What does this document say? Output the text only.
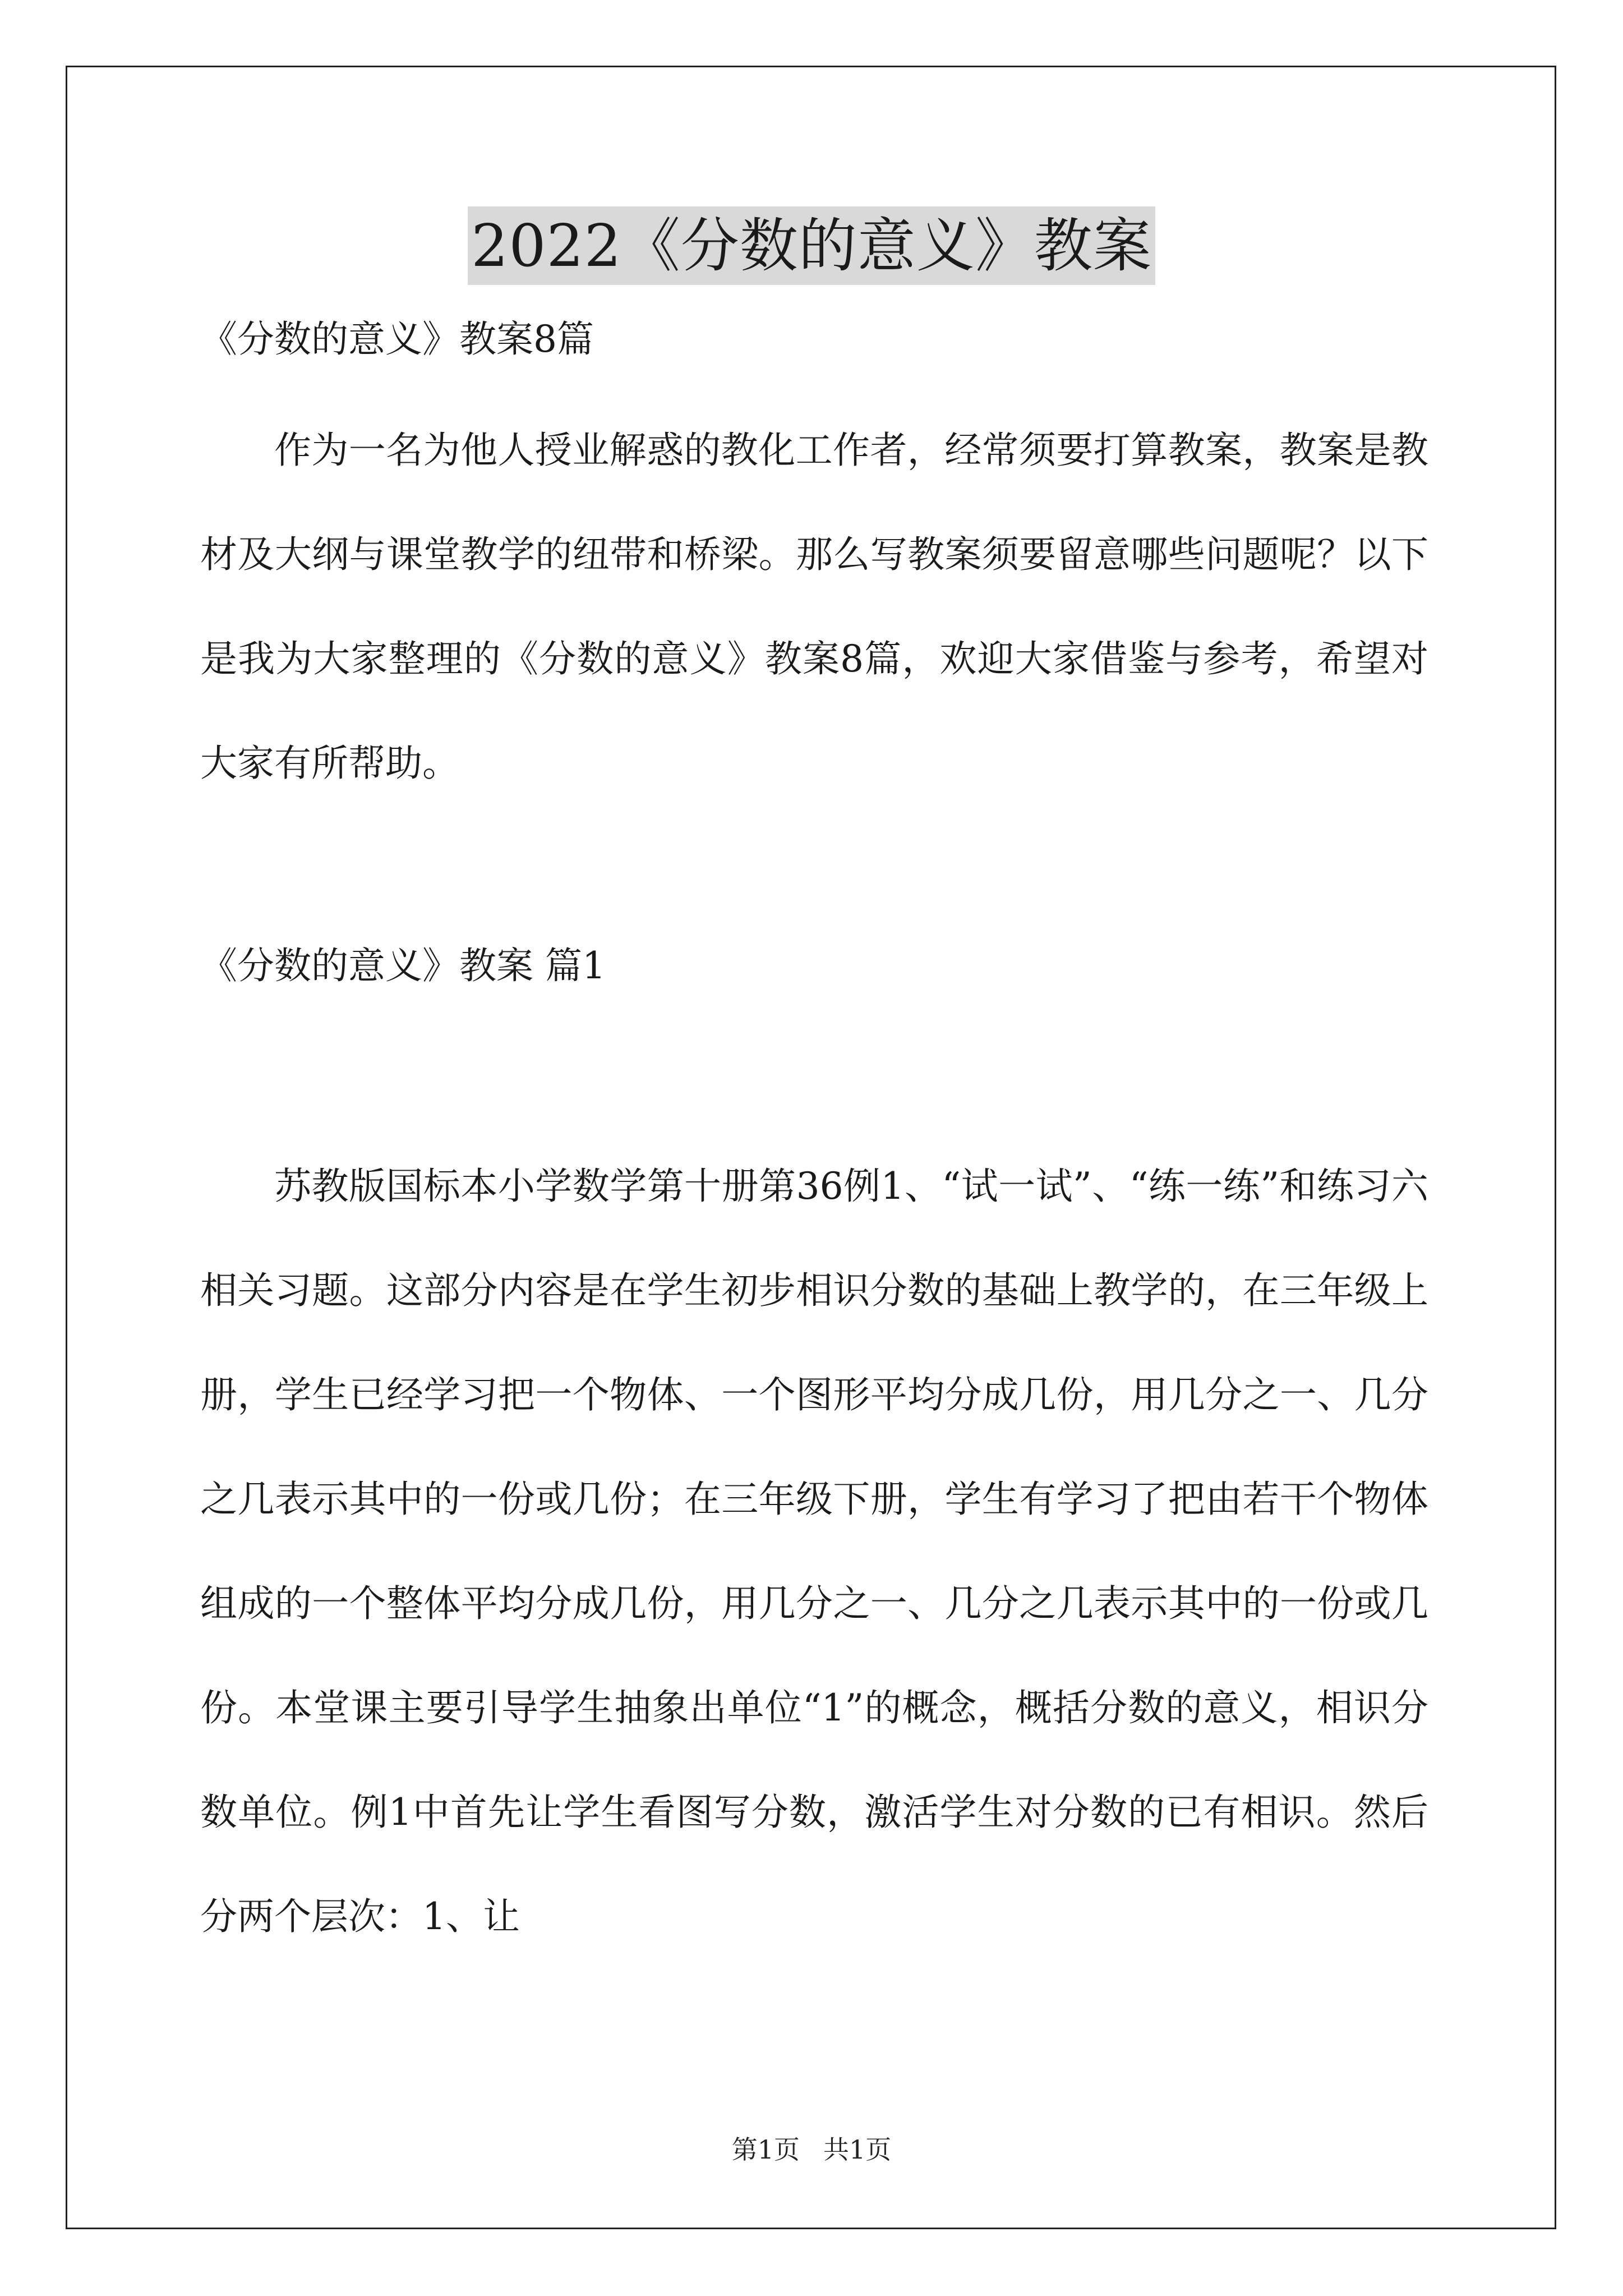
2022《分数的意义》教案

《分数的意义》教案8篇

作为一名为他人授业解惑的教化工作者，经常须要打算教案，教案是教材及大纲与课堂教学的纽带和桥梁。那么写教案须要留意哪些问题呢？以下是我为大家整理的《分数的意义》教案8篇，欢迎大家借鉴与参考，希望对大家有所帮助。

《分数的意义》教案 篇1

苏教版国标本小学数学第十册第36例1、“试一试”、“练一练”和练习六相关习题。这部分内容是在学生初步相识分数的基础上教学的，在三年级上册，学生已经学习把一个物体、一个图形平均分成几份，用几分之一、几分之几表示其中的一份或几份；在三年级下册，学生有学习了把由若干个物体组成的一个整体平均分成几份，用几分之一、几分之几表示其中的一份或几份。本堂课主要引导学生抽象出单位“1”的概念，概括分数的意义，相识分数单位。例1中首先让学生看图写分数，激活学生对分数的已有相识。然后分两个层次：1、让

第1页 共1页
